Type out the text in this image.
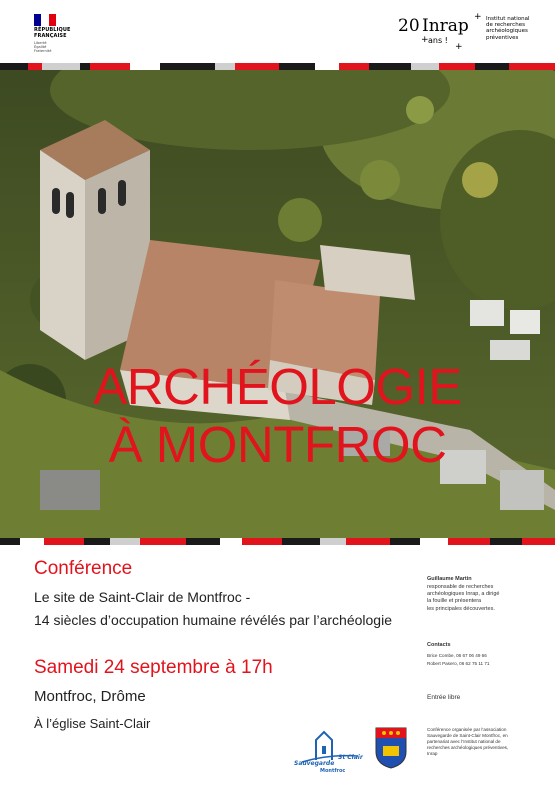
RÉPUBLIQUE
FRANÇAISE
Liberté
Égalité
Fraternité
20 Inrap +
+
+
ans !
Institut national
de recherches
archéologiques
préventives
ARCHÉOLOGIE
À MONTFROC
Conférence
Le site de Saint-Clair de Montfroc -
14 siècles d’occupation humaine révélés par l’archéologie
Samedi 24 septembre à 17h
Montfroc, Drôme
À l’église Saint-Clair
Guillaume Martin
responsable de recherches
archéologiques Inrap, a dirigé
la fouille et présentera
les principales découvertes.
Contacts
Brice Combe, 06 67 06 49 66
Robert Pasero, 06 62 75 11 71
Entrée libre
Conférence organisée par l’association
Sauvegarde de Saint-Clair Montfroc, en
partenariat avec l’Institut national de
recherches archéologiques préventives,
Inrap
Sauvegarde
St Clair
Montfroc
